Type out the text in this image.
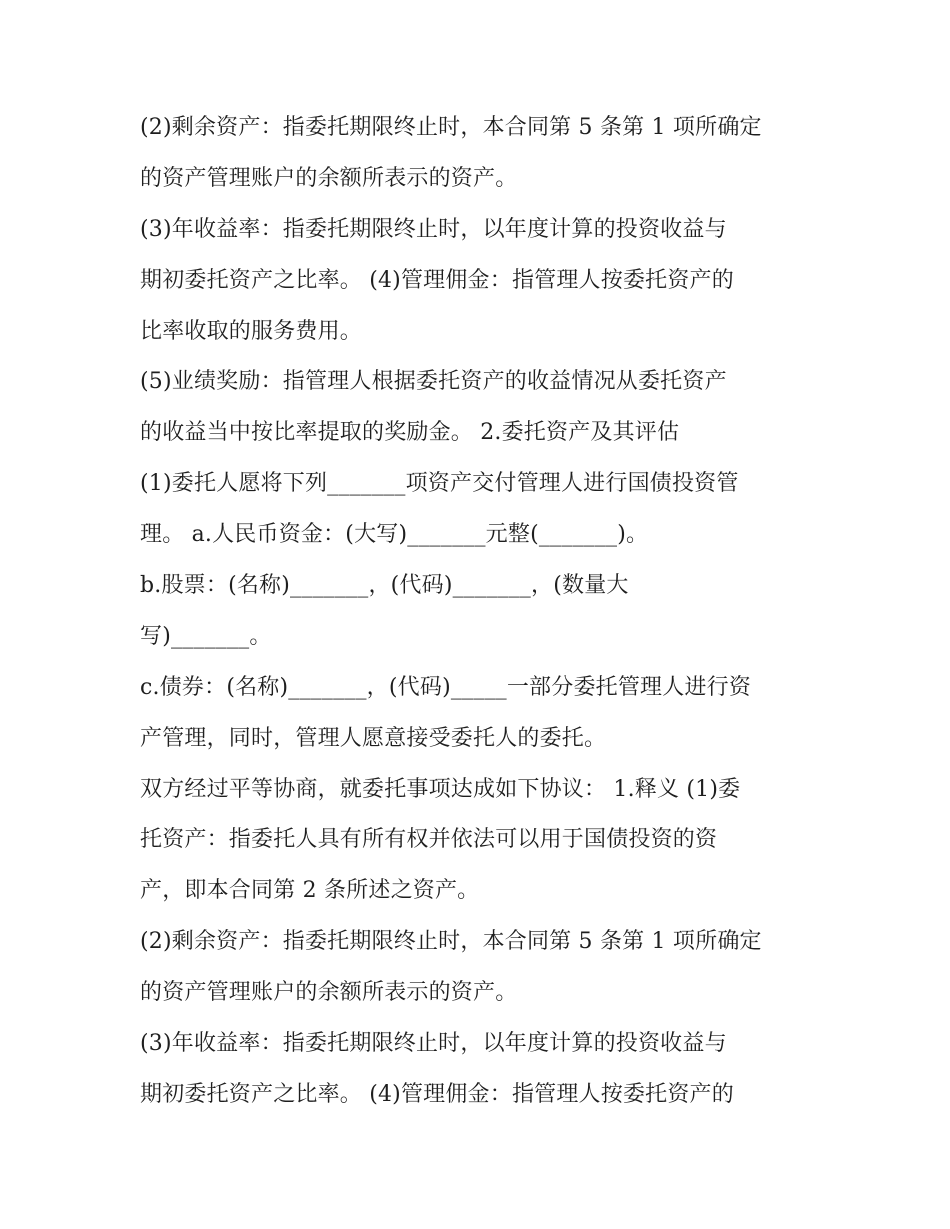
(2)剩余资产：指委托期限终止时，本合同第 5 条第 1 项所确定
的资产管理账户的余额所表示的资产。
(3)年收益率：指委托期限终止时，以年度计算的投资收益与
期初委托资产之比率。 (4)管理佣金：指管理人按委托资产的
比率收取的服务费用。
(5)业绩奖励：指管理人根据委托资产的收益情况从委托资产
的收益当中按比率提取的奖励金。 2.委托资产及其评估
(1)委托人愿将下列_______项资产交付管理人进行国债投资管
理。 a.人民币资金：(大写)_______元整(_______)。
b.股票：(名称)_______，(代码)_______，(数量大
写)_______。
c.债券：(名称)_______，(代码)_____一部分委托管理人进行资
产管理，同时，管理人愿意接受委托人的委托。
双方经过平等协商，就委托事项达成如下协议： 1.释义 (1)委
托资产：指委托人具有所有权并依法可以用于国债投资的资
产，即本合同第 2 条所述之资产。
(2)剩余资产：指委托期限终止时，本合同第 5 条第 1 项所确定
的资产管理账户的余额所表示的资产。
(3)年收益率：指委托期限终止时，以年度计算的投资收益与
期初委托资产之比率。 (4)管理佣金：指管理人按委托资产的
